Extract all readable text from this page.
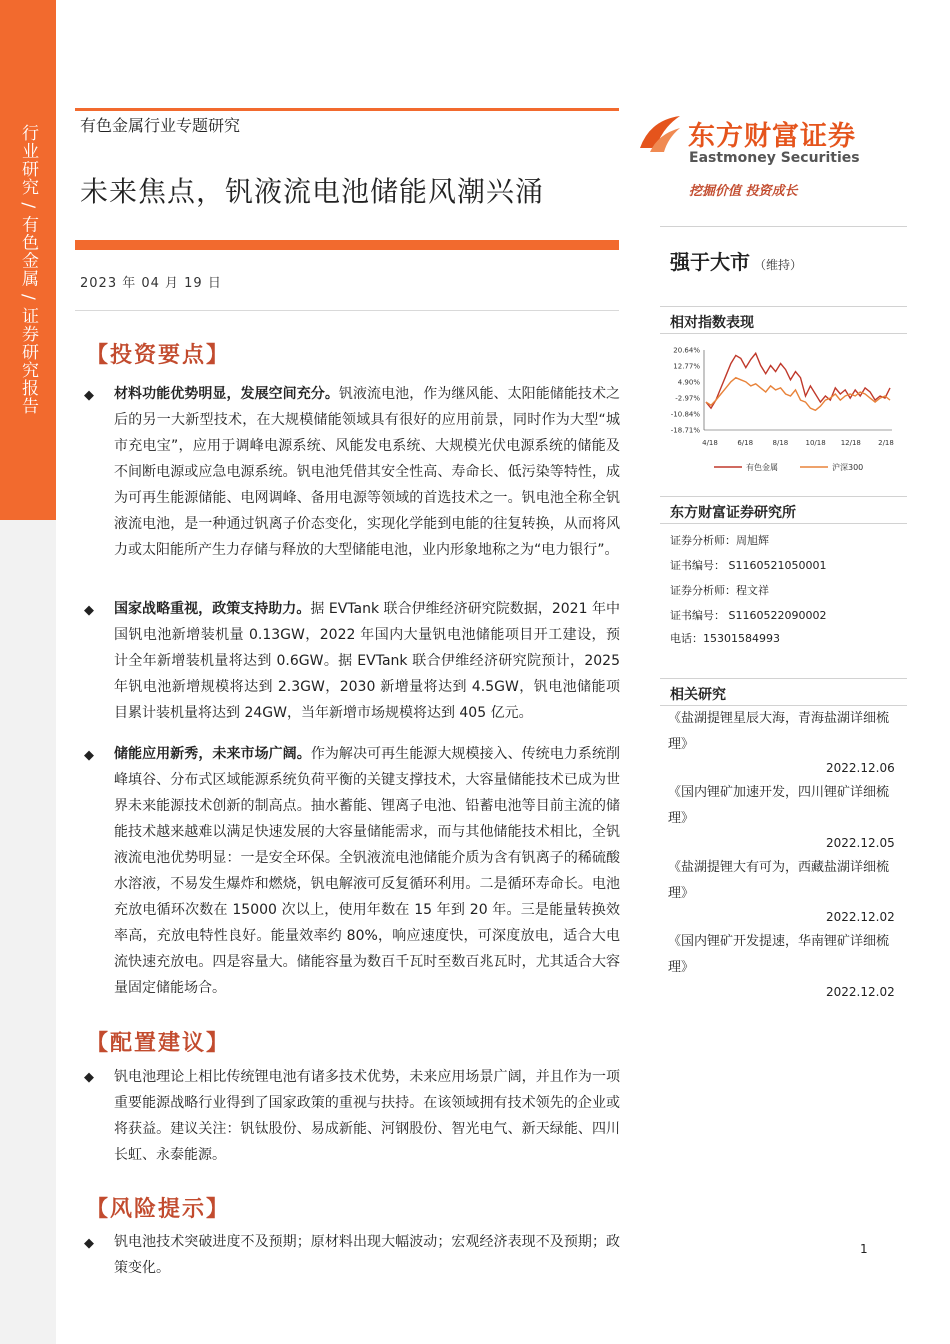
行业研究 / 有色金属 / 证券研究报告	有色金属行业专题研究
未来焦点，钒液流电池储能风潮兴涌
2023 年 04 月 19 日
【投资要点】
◆ 材料功能优势明显，发展空间充分。钒液流电池，作为继风能、太阳能储能技术之后的另一大新型技术，在大规模储能领域具有很好的应用前景，同时作为大型“城市充电宝”，应用于调峰电源系统、风能发电系统、大规模光伏电源系统的储能及不间断电源或应急电源系统。钒电池凭借其安全性高、寿命长、低污染等特性，成为可再生能源储能、电网调峰、备用电源等领域的首选技术之一。钒电池全称全钒液流电池，是一种通过钒离子价态变化，实现化学能到电能的往复转换，从而将风力或太阳能所产生力存储与释放的大型储能电池，业内形象地称之为“电力银行”。
◆ 国家战略重视，政策支持助力。据 EVTank 联合伊维经济研究院数据，2021 年中国钒电池新增装机量 0.13GW，2022 年国内大量钒电池储能项目开工建设，预计全年新增装机量将达到 0.6GW。据 EVTank 联合伊维经济研究院预计，2025 年钒电池新增规模将达到 2.3GW，2030 新增量将达到 4.5GW，钒电池储能项目累计装机量将达到 24GW，当年新增市场规模将达到 405 亿元。
◆ 储能应用新秀，未来市场广阔。作为解决可再生能源大规模接入、传统电力系统削峰填谷、分布式区域能源系统负荷平衡的关键支撑技术，大容量储能技术已成为世界未来能源技术创新的制高点。抽水蓄能、锂离子电池、铅蓄电池等目前主流的储能技术越来越难以满足快速发展的大容量储能需求，而与其他储能技术相比，全钒液流电池优势明显：一是安全环保。全钒液流电池储能介质为含有钒离子的稀硫酸水溶液，不易发生爆炸和燃烧，钒电解液可反复循环利用。二是循环寿命长。电池充放电循环次数在 15000 次以上，使用年数在 15 年到 20 年。三是能量转换效率高，充放电特性良好。能量效率约 80%，响应速度快，可深度放电，适合大电流快速充放电。四是容量大。储能容量为数百千瓦时至数百兆瓦时，尤其适合大容量固定储能场合。
【配置建议】
◆ 钒电池理论上相比传统锂电池有诸多技术优势，未来应用场景广阔，并且作为一项重要能源战略行业得到了国家政策的重视与扶持。在该领域拥有技术领先的企业或将获益。建议关注：钒钛股份、易成新能、河钢股份、智光电气、新天绿能、四川长虹、永泰能源。
【风险提示】
◆ 钒电池技术突破进度不及预期；原材料出现大幅波动；宏观经济表现不及预期；政策变化。
东方财富证券
Eastmoney Securities
挖掘价值 投资成长
强于大市 （维持）
相对指数表现
20.64%
12.77%
4.90%
-2.97%
-10.84%
-18.71%
4/18	6/18	8/18 10/18 12/18 2/18
有色金属	沪深300
东方财富证券研究所
证券分析师：周旭辉
证书编号： S1160521050001
证券分析师：程文祥
证书编号： S1160522090002
电话：15301584993
相关研究
《盐湖提锂星辰大海，青海盐湖详细梳理》
2022.12.06
《国内锂矿加速开发，四川锂矿详细梳理》
2022.12.05
《盐湖提锂大有可为，西藏盐湖详细梳理》
2022.12.02
《国内锂矿开发提速，华南锂矿详细梳理》
2022.12.02
1
